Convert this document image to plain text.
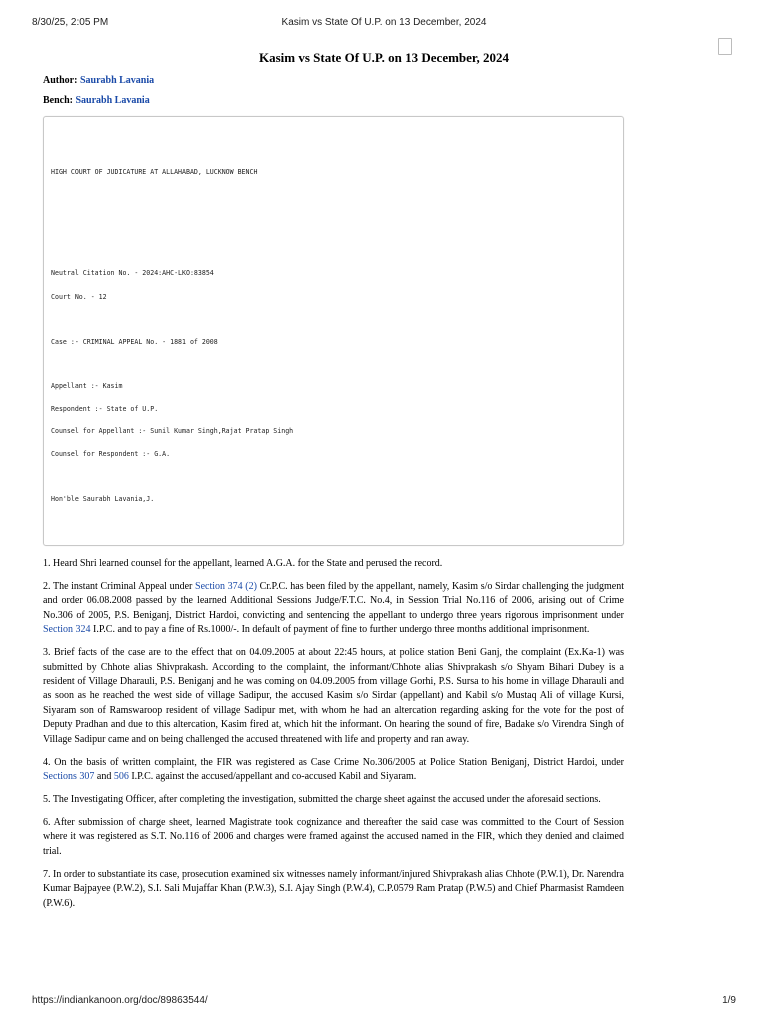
8/30/25, 2:05 PM	Kasim vs State Of U.P. on 13 December, 2024
Kasim vs State Of U.P. on 13 December, 2024
Author: Saurabh Lavania
Bench: Saurabh Lavania
HIGH COURT OF JUDICATURE AT ALLAHABAD, LUCKNOW BENCH
Neutral Citation No. - 2024:AHC-LKO:83854
Court No. - 12
Case :- CRIMINAL APPEAL No. - 1881 of 2008
Appellant :- Kasim
Respondent :- State of U.P.
Counsel for Appellant :- Sunil Kumar Singh,Rajat Pratap Singh
Counsel for Respondent :- G.A.
Hon'ble Saurabh Lavania,J.

1. Heard Shri learned counsel for the appellant, learned A.G.A. for the State and perused the record.

2. The instant Criminal Appeal under Section 374 (2) Cr.P.C. has been filed by the appellant, namely, Kasim s/o Sirdar challenging the judgment and order 06.08.2008 passed by the learned Additional Sessions Judge/F.T.C. No.4, in Session Trial No.116 of 2006, arising out of Crime No.306 of 2005, P.S. Beniganj, District Hardoi, convicting and sentencing the appellant to undergo three years rigorous imprisonment under Section 324 I.P.C. and to pay a fine of Rs.1000/-. In default of payment of fine to further undergo three months additional imprisonment.

3. Brief facts of the case are to the effect that on 04.09.2005 at about 22:45 hours, at police station Beni Ganj, the complaint (Ex.Ka-1) was submitted by Chhote alias Shivprakash. According to the complaint, the informant/Chhote alias Shivprakash s/o Shyam Bihari Dubey is a resident of Village Dharauli, P.S. Beniganj and he was coming on 04.09.2005 from village Gorhi, P.S. Sursa to his home in village Dharauli and as soon as he reached the west side of village Sadipur, the accused Kasim s/o Sirdar (appellant) and Kabil s/o Mustaq Ali of village Kursi, Siyaram son of Ramswaroop resident of village Sadipur met, with whom he had an altercation regarding asking for the vote for the post of Deputy Pradhan and due to this altercation, Kasim fired at, which hit the informant. On hearing the sound of fire, Badake s/o Virendra Singh of Village Sadipur came and on being challenged the accused threatened with life and property and ran away.

4. On the basis of written complaint, the FIR was registered as Case Crime No.306/2005 at Police Station Beniganj, District Hardoi, under Sections 307 and 506 I.P.C. against the accused/appellant and co-accused Kabil and Siyaram.

5. The Investigating Officer, after completing the investigation, submitted the charge sheet against the accused under the aforesaid sections.

6. After submission of charge sheet, learned Magistrate took cognizance and thereafter the said case was committed to the Court of Session where it was registered as S.T. No.116 of 2006 and charges were framed against the accused named in the FIR, which they denied and claimed trial.

7. In order to substantiate its case, prosecution examined six witnesses namely informant/injured Shivprakash alias Chhote (P.W.1), Dr. Narendra Kumar Bajpayee (P.W.2), S.I. Sali Mujaffar Khan (P.W.3), S.I. Ajay Singh (P.W.4), C.P.0579 Ram Pratap (P.W.5) and Chief Pharmasist Ramdeen (P.W.6).

https://indiankanoon.org/doc/89863544/	1/9
